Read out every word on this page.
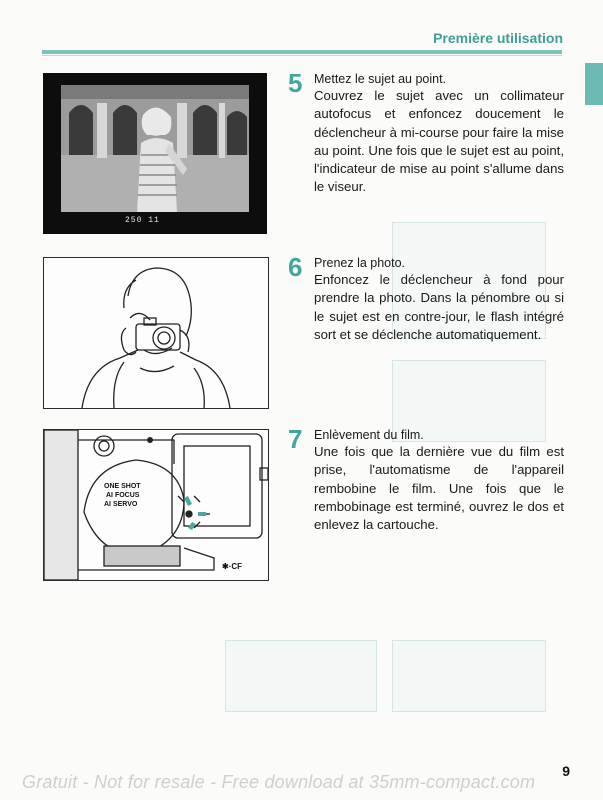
Première utilisation
250 11
ONE SHOT
AI FOCUS
AI SERVO
✱·CF
5 Mettez le sujet au point.
Couvrez le sujet avec un collimateur autofocus et enfoncez doucement le déclencheur à mi-course pour faire la mise au point. Une fois que le sujet est au point, l'indicateur de mise au point s'allume dans le viseur.
6 Prenez la photo.
Enfoncez le déclencheur à fond pour prendre la photo. Dans la pénombre ou si le sujet est en contre-jour, le flash intégré sort et se déclenche automatiquement.
7 Enlèvement du film.
Une fois que la dernière vue du film est prise, l'automatisme de l'appareil rembobine le film. Une fois que le rembobinage est terminé, ouvrez le dos et enlevez la cartouche.
9
Gratuit - Not for resale - Free download at 35mm-compact.com
